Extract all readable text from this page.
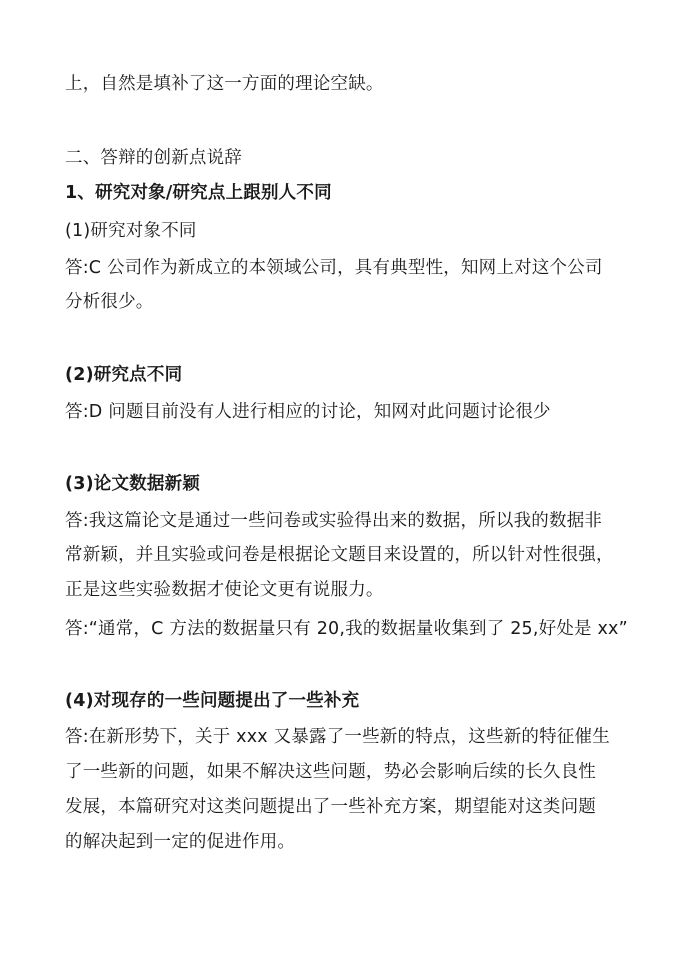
上，自然是填补了这一方面的理论空缺。
二、答辩的创新点说辞
1、研究对象/研究点上跟别人不同
(1)研究对象不同
答:C 公司作为新成立的本领域公司，具有典型性，知网上对这个公司
分析很少。
(2)研究点不同
答:D 问题目前没有人进行相应的讨论，知网对此问题讨论很少
(3)论文数据新颖
答:我这篇论文是通过一些问卷或实验得出来的数据，所以我的数据非
常新颖，并且实验或问卷是根据论文题目来设置的，所以针对性很强，
正是这些实验数据才使论文更有说服力。
答:“通常，C 方法的数据量只有 20,我的数据量收集到了 25,好处是 xx”
(4)对现存的一些问题提出了一些补充
答:在新形势下，关于 xxx 又暴露了一些新的特点，这些新的特征催生
了一些新的问题，如果不解决这些问题，势必会影响后续的长久良性
发展，本篇研究对这类问题提出了一些补充方案，期望能对这类问题
的解决起到一定的促进作用。
